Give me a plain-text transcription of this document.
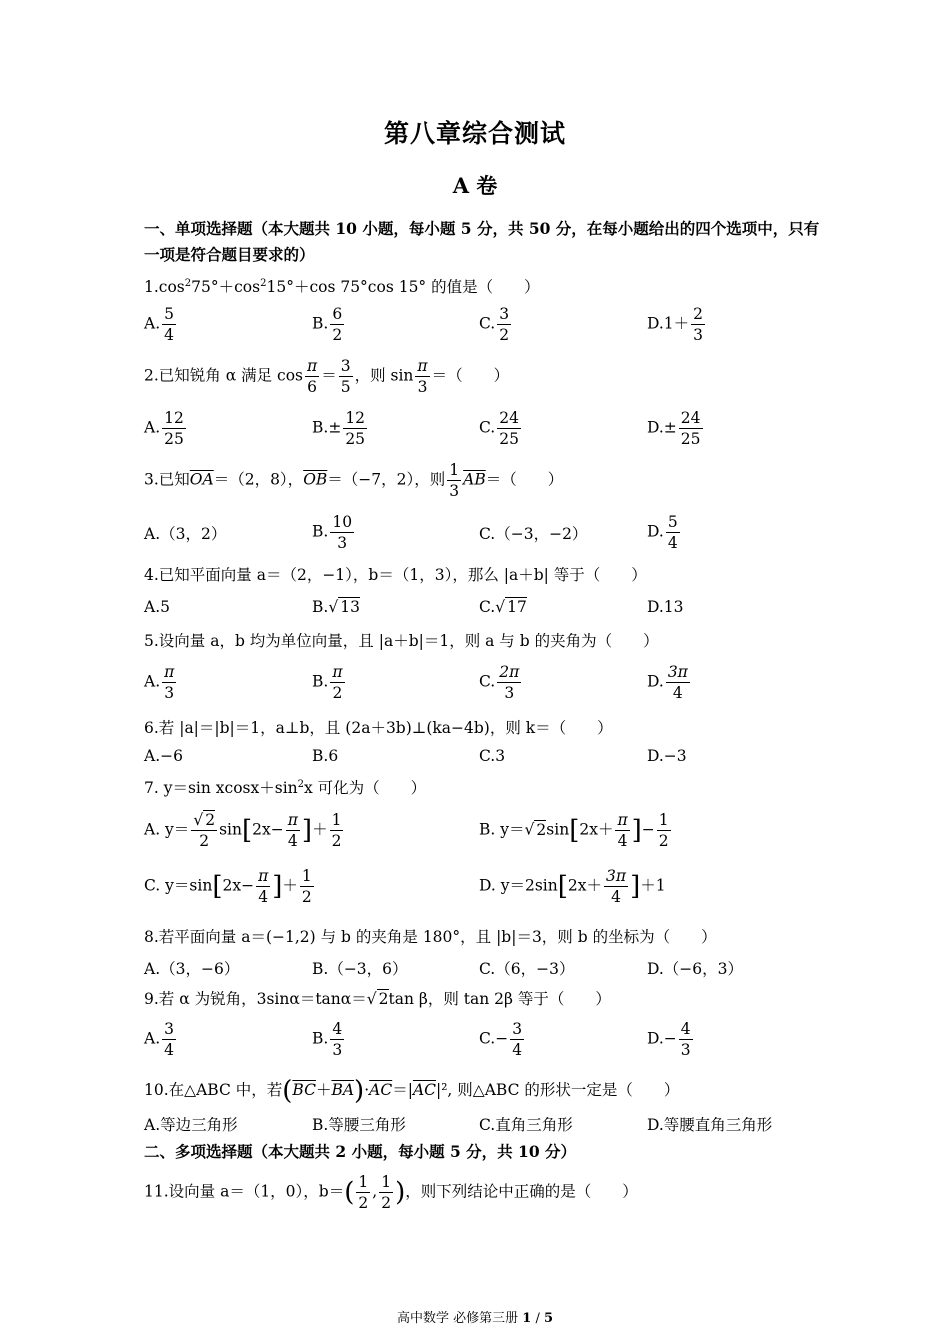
第八章综合测试
A 卷
一、单项选择题（本大题共 10 小题，每小题 5 分，共 50 分，在每小题给出的四个选项中，只有一项是符合题目要求的）
$1.\cos^275^\circ+\cos^215^\circ+\cos$ 75°cos 15° 的值是（　　）
A. $\frac{5}{4}$	B. $\frac{6}{2}$	C. $\frac{3}{2}$	$D.1+ \frac{2}{3}$
2.已知锐角 α 满足 $\cos \frac{\pi}{6} = \frac{3}{5}$ ，则 $\sin \frac{\pi}{3}$ ＝（　　）
A. $\frac{12}{25}$	$B.\pm \frac{12}{25}$	C. $\frac{24}{25}$	$D.\pm \frac{24}{25}$
3.已知$\overline{OA}=(2$，8），$\overline{OB}=(-7$，2），则 $\frac{1}{3} \overline{AB}=$（　　）
A.（3，2）	B. $\frac{10}{3}$	C.（−3，−2）	D. $\frac{5}{4}$
4.已知平面向量 a＝（2，−1），b＝（1，3），那么 |a＋b| 等于（　　）
A.5	B.√ 13	C.√ 17	D.13
5.设向量 a，b 均为单位向量，且 |a＋b|＝1，则 a 与 b 的夹角为（　　）
A. $\frac{\pi}{3}$	B. $\frac{\pi}{2}$	C. $\frac{2\pi}{3}$	D. $\frac{3\pi}{4}$
6.若 |a|＝|b|＝1，a⊥b，且 (2a＋3b)⊥(ka−4b)，则 k＝（　　）
A.−6	B.6	C.3	D.−3
7. y＝sin $xcosx+\sin^2x$ 可化为（　　）
A. $y= \frac{√ 2}{2} \sin[2x- \frac{\pi}{4}$ ]＋ $\frac{1}{2}$	B. y＝√ $2\sin[2x+ \frac{\pi}{4}$ ]− $\frac{1}{2}$
C. $y=\sin[2x- \frac{\pi}{4}$ ]＋ $\frac{1}{2}$	D. $y=2\sin[2x+ \frac{3\pi}{4} ]+1$
8.若平面向量 a＝(−1,2) 与 b 的夹角是 180°，且 |b|＝3，则 b 的坐标为（　　）
A.（3，−6）	B.（−3，6）	C.（6，−3）	D.（−6，3）
9.若 α 为锐角，3sinα＝tanα＝√ 2tan β，则 tan 2β 等于（　　）
A. $\frac{3}{4}$	B. $\frac{4}{3}$	$C.- \frac{3}{4}$	$D.- \frac{4}{3}$
10.在△ABC 中，若$(\overline{BC}+\overline{BA})\cdot\overline{AC}=|\overline{AC}|^2$, 则△ABC 的形状一定是（　　）
A.等边三角形	B.等腰三角形	C.直角三角形	D.等腰直角三角形
二、多项选择题（本大题共 2 小题，每小题 5 分，共 10 分）
11.设向量 a＝（1，0），$b=( \frac{1}{2}$ , $\frac{1}{2}$ )，则下列结论中正确的是（　　）
高中数学 必修第三册 1 / 5
